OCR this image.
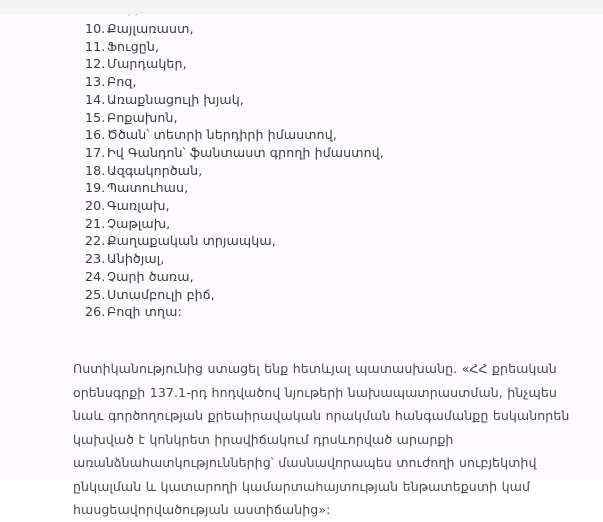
10. Քայլառաստ,
11. Ֆուցըն,
12. Մարդակեր,
13. Բոզ,
14. Առաքնացուլի խյակ,
15. Բոքախոն,
16. Ծծան՝ տետրի ներդիրի իմաստով,
17. Իվ Գանդոն՝ ֆանտաստ գրողի իմաստով,
18. Ազգակործան,
19. Պատուհաս,
20. Գառլախ,
21. Չաթլախ,
22. Քաղաքական տրյապկա,
23. Անիծյալ,
24. Չարի ծառա,
25. Ստամբուլի բիճ,
26. Բոզի տղա:

Ոստիկանությունից ստացել ենք հետևյալ պատասխանը. «ՀՀ քրեական օրենսգրքի 137.1-րդ հոդվածով նյութերի նախապատրաստման, ինչպես նաև գործողության քրեաիրավական որակման հանգամանքը եսկանորեն կախված է կոնկրետ իրավիճակում դրսևորված արարքի առանձնահատկություններից՝ մասնավորապես տուժողի սուբյեկտիվ ընկալման և կատարողի կամարտահայտության ենթատեքստի կամ հասցեավորվածության աստիճանից»:
